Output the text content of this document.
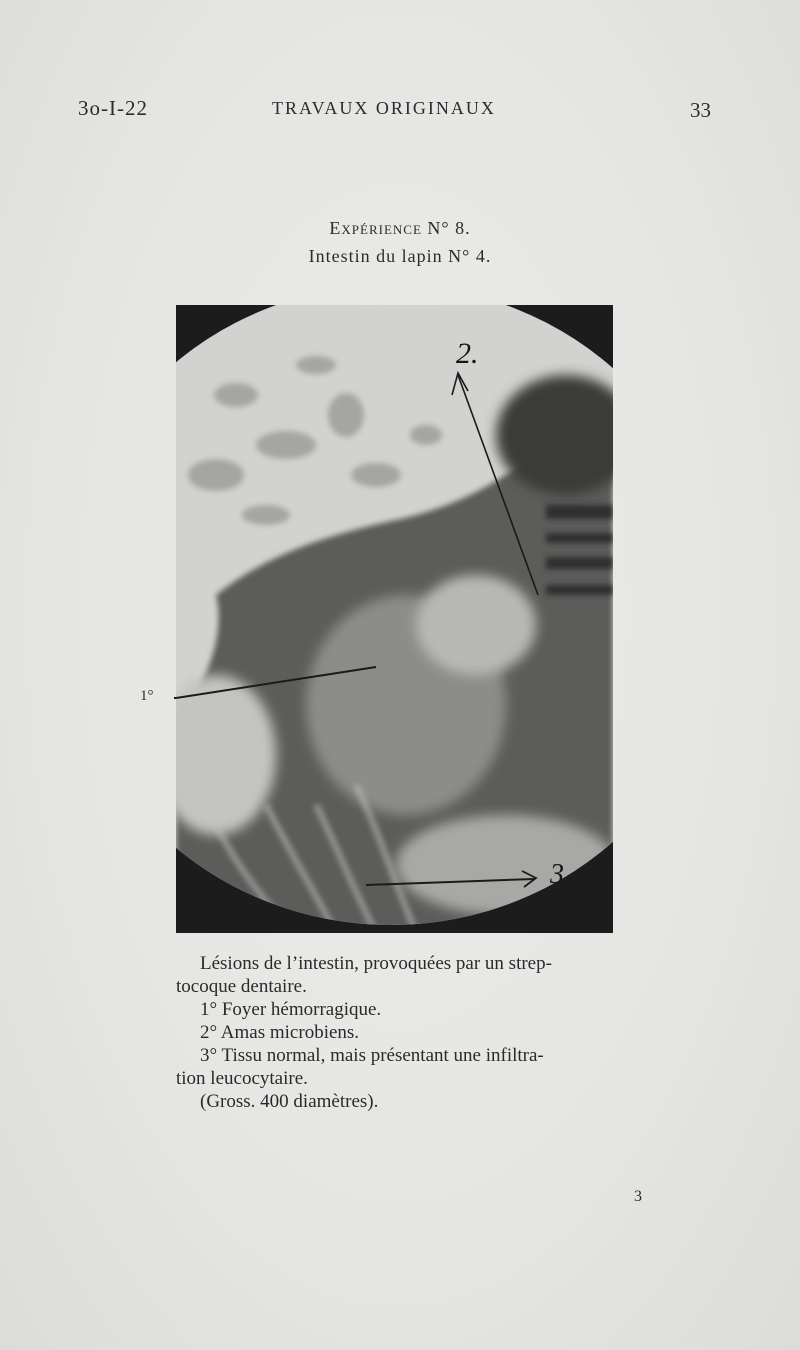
3o-I-22	TRAVAUX ORIGINAUX	33
Expérience N° 8.
Intestin du lapin N° 4.
2.
3
1°

Lésions de l’intestin, provoquées par un strep-

tocoque dentaire.

1° Foyer hémorragique.

2° Amas microbiens.

3° Tissu normal, mais présentant une infiltra-

tion leucocytaire.

(Gross. 400 diamètres).

3
